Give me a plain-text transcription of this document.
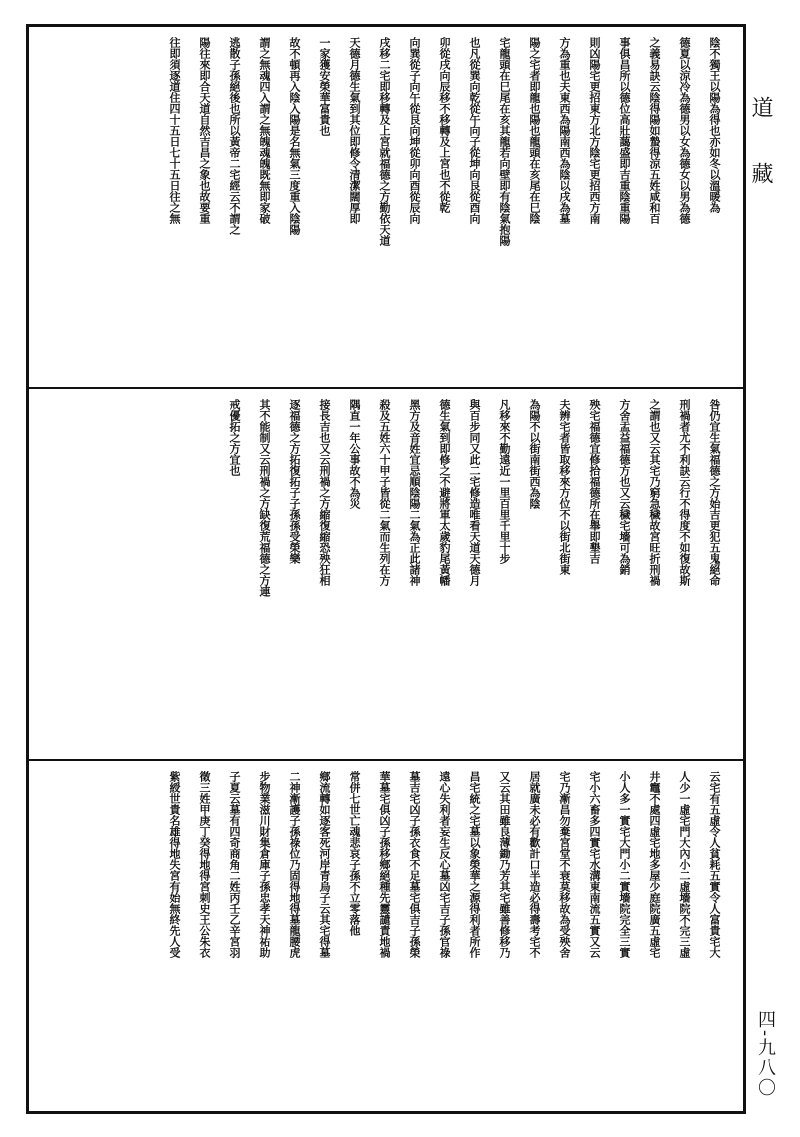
陰不獨王以陽為得也亦如冬以溫暖為
德夏以涼冷為德男以女為德女以男為德
之義易訣云陰得陽如蟄得涼五姓咸和百
事俱昌所以德位高壯藹盛即吉重陰重陽
則凶陽宅更招東方北方陰宅更招西方南
方為重也夫東西為陽南西為陰以戌為墓
陽之宅者即龍也陽也龍頭在亥尾在巳陰
宅龍頭在巳尾在亥其龍若向壁即有陰氣抱陽
也凡從巽向乾從午向子從坤向艮從酉向
卯從戌向辰移不移轉及上宮也不從乾
向巽從子向午從艮向坤從卯向酉從辰向
戌移二宅即移轉及上宮就福德之方勤依天道
天德月德生氣到其位即修令清潔闊厚即
一家獲安榮華富貴也
故不頓再入陰入陽是名無氣三度重入陰陽
謂之無魂四入謂之無魄魂魄既無即家破
逃散子孫絕後也所以黃帝二宅經云不謂之
陽往來即合天道自然吉昌之象也故要重
往即須逐道住四十五日七十五日往之無
咎仍宜生氣福德之方始吉更犯五鬼絕命
刑禍者尤不利訣云行不得度不如復故斯
之謂也又云其宅乃窮急穢故宮旺折刑禍
方舍盂益福德方也又云穢宅墻可為銷
殃宅福德宜修拾福德所在舉即墾吉
夫辨宅者皆取移來方位不以街北街東
為陽不以街南街西為陰
凡移來不勤遠近一里百里千里十步
與百步同又此二宅修造唯看天道天德月
德生氣到即修之不避將軍太歲豹尾黃幡
黑方及音姓宜忌順陰陽二氣為正此諸神
殺及五姓六十甲子皆從二氣而生列在方
隅直一年公事故不為災
接長吉也又云刑禍之方縮復縮恐殃狂相
逐福德之方拓復拓子子孫孫受榮樂
其不能制又云刑禍之方缺復荒福德之方連
戒優拓之方宜也
云宅有五虛令人貧耗五實令人富貴宅大
人少一虛宅門大內小二虛墻院不完三虛
井竈不處四虛宅地多屋少庭院廣五虛宅
小人多一實宅大門小二實墻院完全三實
宅小六畜多四實宅水溝東南流五實又云
宅乃漸昌勿棄宮堂不衰莫移故為受殃舍
居就廣未必有歡計口半造必得壽考宅不
又云其田雖良薄鋤乃芳其宅雖善修移乃
昌宅統之宅墓以象榮華之源得利者所作
遠心失利者妄生反心墓凶宅吉子孫官祿
墓吉宅凶子孫衣食不足墓宅俱吉子孫榮
華墓宅俱凶子孫移鄉絕種先靈譴責地禍
常併七世亡魂悲哀子孫不立零落他
鄉流轉如逐客死河岸青烏子云其宅得墓
二神漸護子孫祿位乃固得地得墓龍腰虎
步物業滋川財集倉庫子孫忠孝天神祐助
子夏云墓有四奇商角二姓丙壬乙辛宮羽
徵三姓甲庚丁癸得地得宮刺史王公朱衣
紫綬世貴名雄得地失宮有始無終先人受
道藏
四-九八〇
